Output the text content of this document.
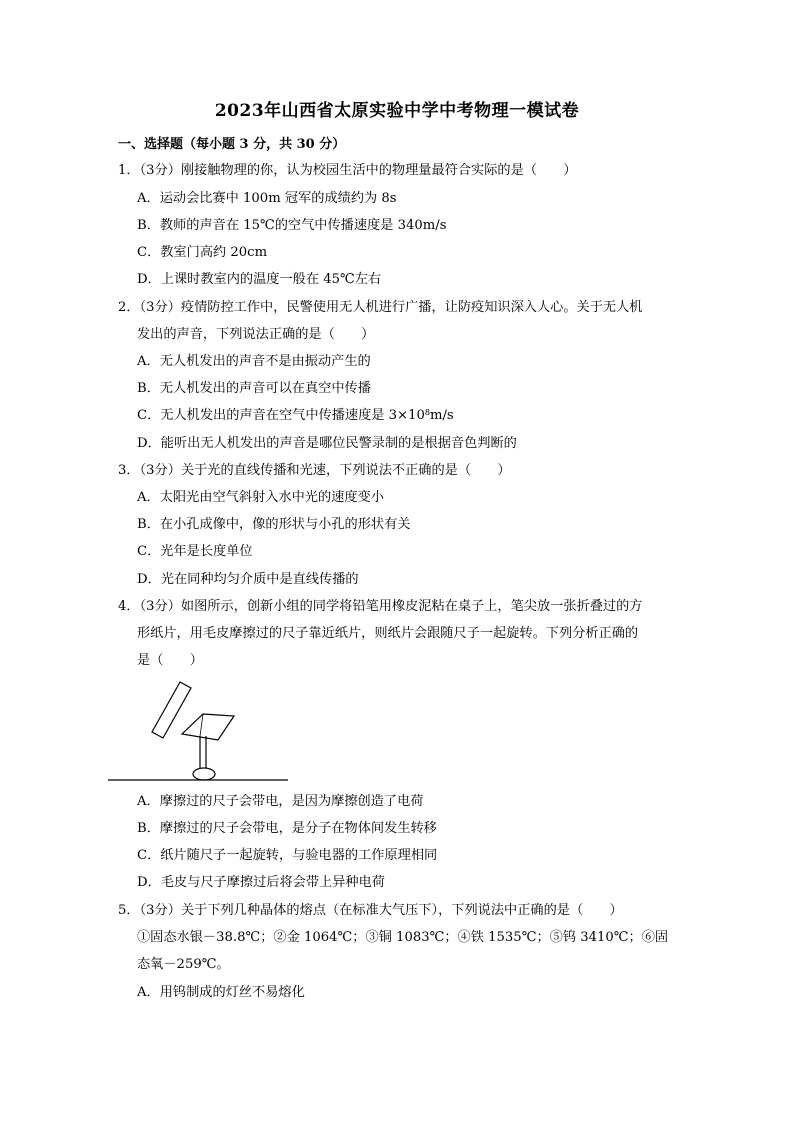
2023年山西省太原实验中学中考物理一模试卷
一、选择题（每小题 3 分，共 30 分）
1．（3分）刚接触物理的你，认为校园生活中的物理量最符合实际的是（　　）
A．运动会比赛中 100m 冠军的成绩约为 8s
B．教师的声音在 15℃的空气中传播速度是 340m/s
C．教室门高约 20cm
D．上课时教室内的温度一般在 45℃左右
2．（3分）疫情防控工作中，民警使用无人机进行广播，让防疫知识深入人心。关于无人机
发出的声音，下列说法正确的是（　　）
A．无人机发出的声音不是由振动产生的
B．无人机发出的声音可以在真空中传播
C．无人机发出的声音在空气中传播速度是 $3\times 10^8m/s$
D．能听出无人机发出的声音是哪位民警录制的是根据音色判断的
3．（3分）关于光的直线传播和光速，下列说法不正确的是（　　）
A．太阳光由空气斜射入水中光的速度变小
B．在小孔成像中，像的形状与小孔的形状有关
C．光年是长度单位
D．光在同种均匀介质中是直线传播的
4．（3分）如图所示，创新小组的同学将铅笔用橡皮泥粘在桌子上，笔尖放一张折叠过的方
形纸片，用毛皮摩擦过的尺子靠近纸片，则纸片会跟随尺子一起旋转。下列分析正确的
是（　　）
A．摩擦过的尺子会带电，是因为摩擦创造了电荷
B．摩擦过的尺子会带电，是分子在物体间发生转移
C．纸片随尺子一起旋转，与验电器的工作原理相同
D．毛皮与尺子摩擦过后将会带上异种电荷
5．（3分）关于下列几种晶体的熔点（在标准大气压下），下列说法中正确的是（　　）
①固态水银－38.8℃；②金 1064℃；③铜 1083℃；④铁 1535℃；⑤钨 3410℃；⑥固
态氧－259℃。
A．用钨制成的灯丝不易熔化
